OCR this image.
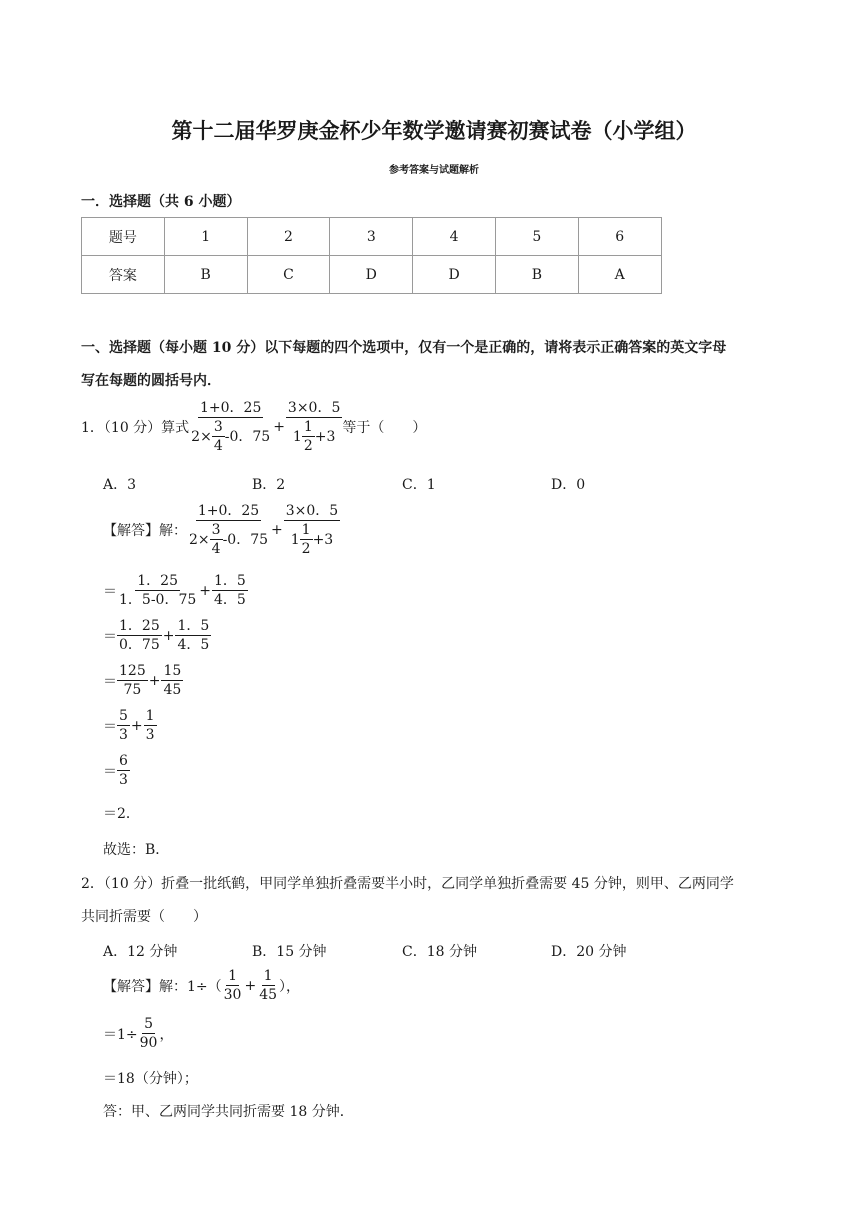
第十二届华罗庚金杯少年数学邀请赛初赛试卷（小学组）
参考答案与试题解析
一．选择题（共 6 小题）
题号	1	2	3	4	5	6
答案	B	C	D	D	B	A
一、选择题（每小题 10 分）以下每题的四个选项中，仅有一个是正确的，请将表示正确答案的英文字母
写在每题的圆括号内．
1．（10 分）算式 $\frac{1+0.25}{2\times \frac{3}{4} -0.75} + \frac{3\times 0.5}{1 \frac{1}{2} +3}$ 等于（　　）
A．3	B．2	C．1	D．0
【解答】解： $\frac{1+0.25}{2\times \frac{3}{4} -0.75} + \frac{3\times 0.5}{1 \frac{1}{2} +3}$
＝ $\frac{1.25}{1.5-0.75} + \frac{1.5}{4.5}$
＝ $\frac{1.25}{0.75} + \frac{1.5}{4.5}$
＝ $\frac{125}{75} + \frac{15}{45}$
＝ $\frac{5}{3} + \frac{1}{3}$
＝ $\frac{6}{3}$
＝2．
故选：B．
2．（10 分）折叠一批纸鹤，甲同学单独折叠需要半小时，乙同学单独折叠需要 45 分钟，则甲、乙两同学
共同折需要（　　）
A．12 分钟	B．15 分钟	C．18 分钟	D．20 分钟
【解答】解： $1\div( \frac{1}{30} + \frac{1}{45}$ ），
$=1\div \frac{5}{90}$ ，
＝18（分钟）；
答：甲、乙两同学共同折需要 18 分钟．
